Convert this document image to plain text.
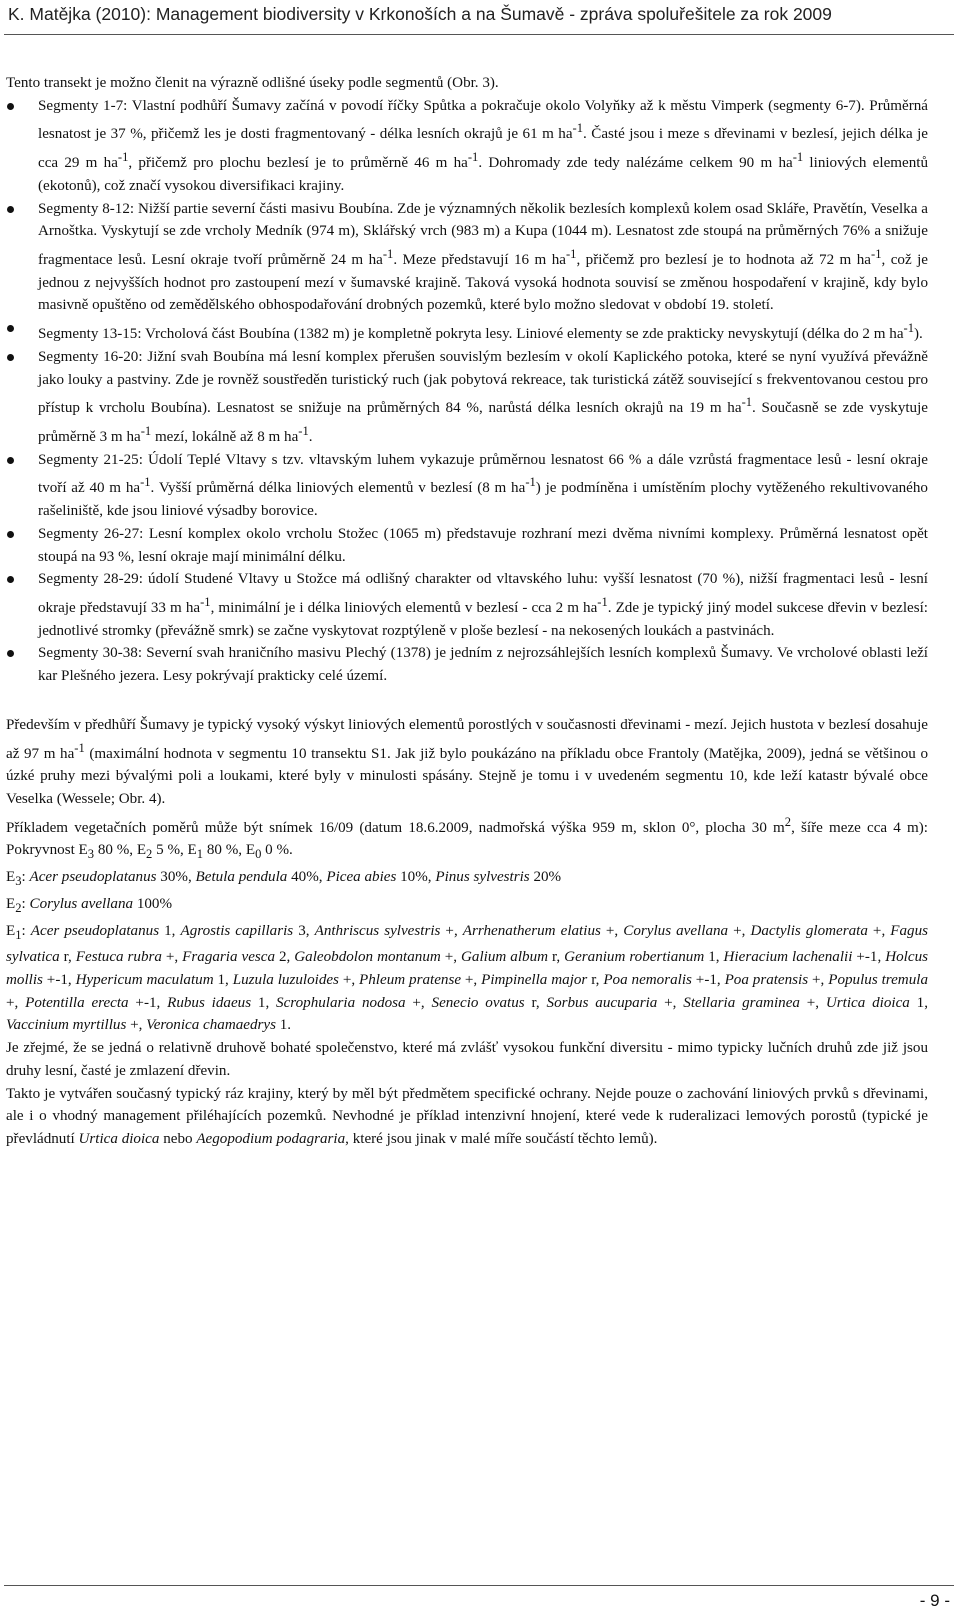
K. Matějka (2010): Management biodiversity v Krkonoších a na Šumavě - zpráva spoluřešitele za rok 2009

Tento transekt je možno členit na výrazně odlišné úseky podle segmentů (Obr. 3).

Segmenty 1-7: Vlastní podhůří Šumavy začíná v povodí říčky Spůtka a pokračuje okolo Volyňky až k městu Vimperk (segmenty 6-7). Průměrná lesnatost je 37 %, přičemž les je dosti fragmentovaný - délka lesních okrajů je 61 m $ha^{-1}$. Časté jsou i meze s dřevinami v bezlesí, jejich délka je cca 29 m $ha^{-1}$, přičemž pro plochu bezlesí je to průměrně 46 m $ha^{-1}$. Dohromady zde tedy nalézáme celkem 90 m $ha^{-1}$ liniových elementů (ekotonů), což značí vysokou diversifikaci krajiny.
Segmenty 8-12: Nižší partie severní části masivu Boubína. Zde je významných několik bezlesích komplexů kolem osad Skláře, Pravětín, Veselka a Arnoštka. Vyskytují se zde vrcholy Medník (974 m), Sklářský vrch (983 m) a Kupa (1044 m). Lesnatost zde stoupá na průměrných 76% a snižuje fragmentace lesů. Lesní okraje tvoří průměrně 24 m $ha^{-1}$. Meze představují 16 m $ha^{-1}$, přičemž pro bezlesí je to hodnota až 72 m $ha^{-1}$, což je jednou z nejvyšších hodnot pro zastoupení mezí v šumavské krajině. Taková vysoká hodnota souvisí se změnou hospodaření v krajině, kdy bylo masivně opuštěno od zemědělského obhospodařování drobných pozemků, které bylo možno sledovat v období 19. století.
Segmenty 13-15: Vrcholová část Boubína (1382 m) je kompletně pokryta lesy. Liniové elementy se zde prakticky nevyskytují (délka do 2 m $ha^{-1}$).
Segmenty 16-20: Jižní svah Boubína má lesní komplex přerušen souvislým bezlesím v okolí Kaplického potoka, které se nyní využívá převážně jako louky a pastviny. Zde je rovněž soustředěn turistický ruch (jak pobytová rekreace, tak turistická zátěž související s frekventovanou cestou pro přístup k vrcholu Boubína). Lesnatost se snižuje na průměrných 84 %, narůstá délka lesních okrajů na 19 m $ha^{-1}$. Současně se zde vyskytuje průměrně 3 m $ha^{-1}$ mezí, lokálně až 8 m $ha^{-1}$.
Segmenty 21-25: Údolí Teplé Vltavy s tzv. vltavským luhem vykazuje průměrnou lesnatost 66 % a dále vzrůstá fragmentace lesů - lesní okraje tvoří až 40 m $ha^{-1}$. Vyšší průměrná délka liniových elementů v bezlesí (8 m $ha^{-1}$) je podmíněna i umístěním plochy vytěženého rekultivovaného rašeliniště, kde jsou liniové výsadby borovice.
Segmenty 26-27: Lesní komplex okolo vrcholu Stožec (1065 m) představuje rozhraní mezi dvěma nivními komplexy. Průměrná lesnatost opět stoupá na 93 %, lesní okraje mají minimální délku.
Segmenty 28-29: údolí Studené Vltavy u Stožce má odlišný charakter od vltavského luhu: vyšší lesnatost (70 %), nižší fragmentaci lesů - lesní okraje představují 33 m $ha^{-1}$, minimální je i délka liniových elementů v bezlesí - cca 2 m $ha^{-1}$. Zde je typický jiný model sukcese dřevin v bezlesí: jednotlivé stromky (převážně smrk) se začne vyskytovat rozptýleně v ploše bezlesí - na nekosených loukách a pastvinách.
Segmenty 30-38: Severní svah hraničního masivu Plechý (1378) je jedním z nejrozsáhlejších lesních komplexů Šumavy. Ve vrcholové oblasti leží kar Plešného jezera. Lesy pokrývají prakticky celé území.

Především v předhůří Šumavy je typický vysoký výskyt liniových elementů porostlých v současnosti dřevinami - mezí. Jejich hustota v bezlesí dosahuje až 97 m $ha^{-1}$ (maximální hodnota v segmentu 10 transektu S1. Jak již bylo poukázáno na příkladu obce Frantoly (Matějka, 2009), jedná se většinou o úzké pruhy mezi bývalými poli a loukami, které byly v minulosti spásány. Stejně je tomu i v uvedeném segmentu 10, kde leží katastr bývalé obce Veselka (Wessele; Obr. 4).

Příkladem vegetačních poměrů může být snímek 16/09 (datum 18.6.2009, nadmořská výška 959 m, sklon 0°, plocha 30 $m^2$, šíře meze cca 4 m): Pokryvnost $E_3$ 80 %, $E_2$ 5 %, $E_1$ 80 %, $E_0$ 0 %.

$E_3$: Acer pseudoplatanus 30%, Betula pendula 40%, Picea abies 10%, Pinus sylvestris 20%

$E_2$: Corylus avellana 100%

$E_1$: Acer pseudoplatanus 1, Agrostis capillaris 3, Anthriscus sylvestris +, Arrhenatherum elatius +, Corylus avellana +, Dactylis glomerata +, Fagus sylvatica r, Festuca rubra +, Fragaria vesca 2, Galeobdolon montanum +, Galium album r, Geranium robertianum 1, Hieracium lachenalii +-1, Holcus mollis +-1, Hypericum maculatum 1, Luzula luzuloides +, Phleum pratense +, Pimpinella major r, Poa nemoralis +-1, Poa pratensis +, Populus tremula +, Potentilla erecta +-1, Rubus idaeus 1, Scrophularia nodosa +, Senecio ovatus r, Sorbus aucuparia +, Stellaria graminea +, Urtica dioica 1, Vaccinium myrtillus +, Veronica chamaedrys 1.

Je zřejmé, že se jedná o relativně druhově bohaté společenstvo, které má zvlášť vysokou funkční diversitu - mimo typicky lučních druhů zde již jsou druhy lesní, časté je zmlazení dřevin.

Takto je vytvářen současný typický ráz krajiny, který by měl být předmětem specifické ochrany. Nejde pouze o zachování liniových prvků s dřevinami, ale i o vhodný management přiléhajících pozemků. Nevhodné je příklad intenzivní hnojení, které vede k ruderalizaci lemových porostů (typické je převládnutí Urtica dioica nebo Aegopodium podagraria, které jsou jinak v malé míře součástí těchto lemů).

- 9 -
